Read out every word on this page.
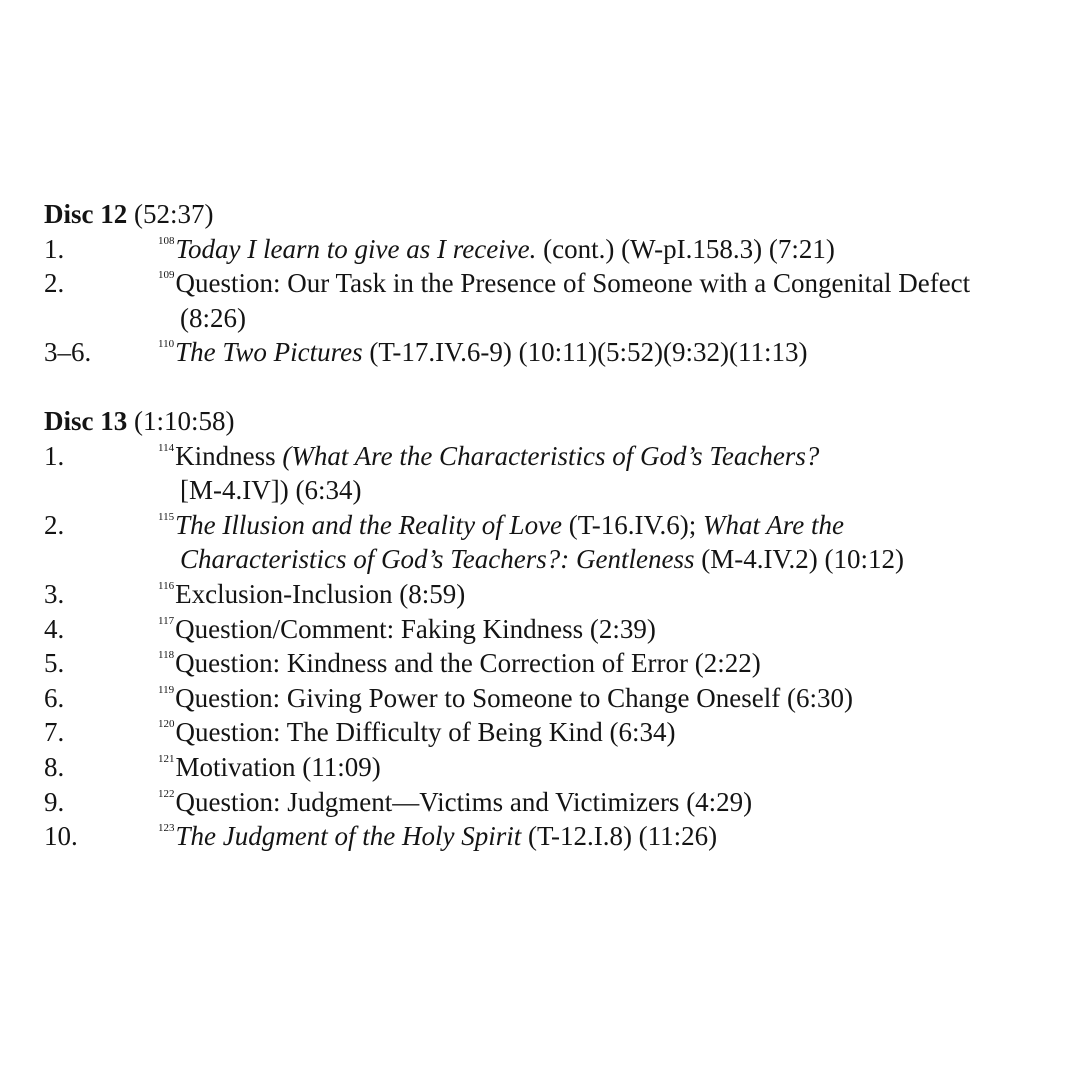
Disc 12 (52:37)
1.	$^{108}$Today I learn to give as I receive. (cont.) (W-pI.158.3) (7:21)
2.	$^{109}$Question: Our Task in the Presence of Someone with a Congenital Defect
(8:26)
3–6.	$^{110}$The Two Pictures (T-17.IV.6-9) (10:11)(5:52)(9:32)(11:13)
Disc 13 (1:10:58)
1.	$^{114}$Kindness (What Are the Characteristics of God’s Teachers?
[M-4.IV]) (6:34)
2.	$^{115}$The Illusion and the Reality of Love (T-16.IV.6); What Are the
Characteristics of God’s Teachers?: Gentleness (M-4.IV.2) (10:12)
3.	$^{116}$Exclusion-Inclusion (8:59)
4.	$^{117}$Question/Comment: Faking Kindness (2:39)
5.	$^{118}$Question: Kindness and the Correction of Error (2:22)
6.	$^{119}$Question: Giving Power to Someone to Change Oneself (6:30)
7.	$^{120}$Question: The Difficulty of Being Kind (6:34)
8.	$^{121}$Motivation (11:09)
9.	$^{122}$Question: Judgment—Victims and Victimizers (4:29)
10.	$^{123}$The Judgment of the Holy Spirit (T-12.I.8) (11:26)
